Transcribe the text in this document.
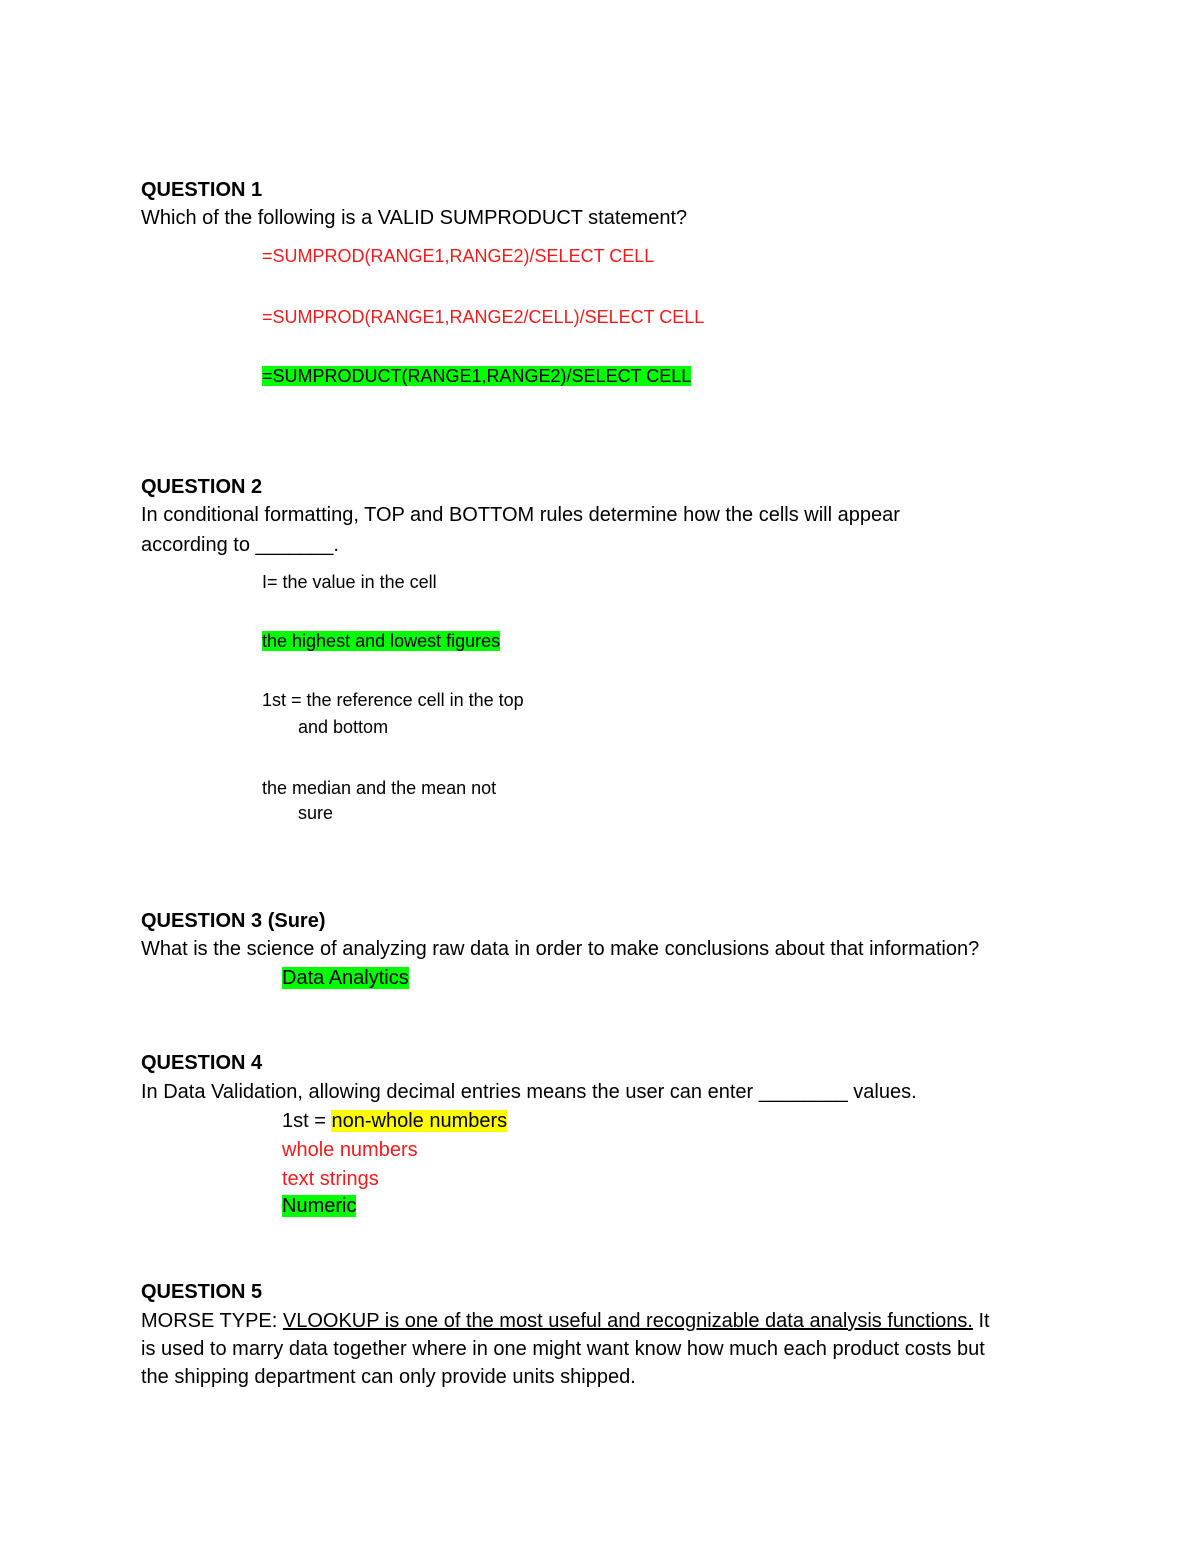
QUESTION 1
Which of the following is a VALID SUMPRODUCT statement?
=SUMPROD(RANGE1,RANGE2)/SELECT CELL
=SUMPROD(RANGE1,RANGE2/CELL)/SELECT CELL
=SUMPRODUCT(RANGE1,RANGE2)/SELECT CELL
QUESTION 2
In conditional formatting, TOP and BOTTOM rules determine how the cells will appear
according to _______.
I= the value in the cell
the highest and lowest figures
1st = the reference cell in the top
and bottom
the median and the mean not
sure
QUESTION 3 (Sure)
What is the science of analyzing raw data in order to make conclusions about that information?
Data Analytics
QUESTION 4
In Data Validation, allowing decimal entries means the user can enter ________ values.
1st = non-whole numbers
whole numbers
text strings
Numeric
QUESTION 5
MORSE TYPE: VLOOKUP is one of the most useful and recognizable data analysis functions. It
is used to marry data together where in one might want know how much each product costs but
the shipping department can only provide units shipped.
